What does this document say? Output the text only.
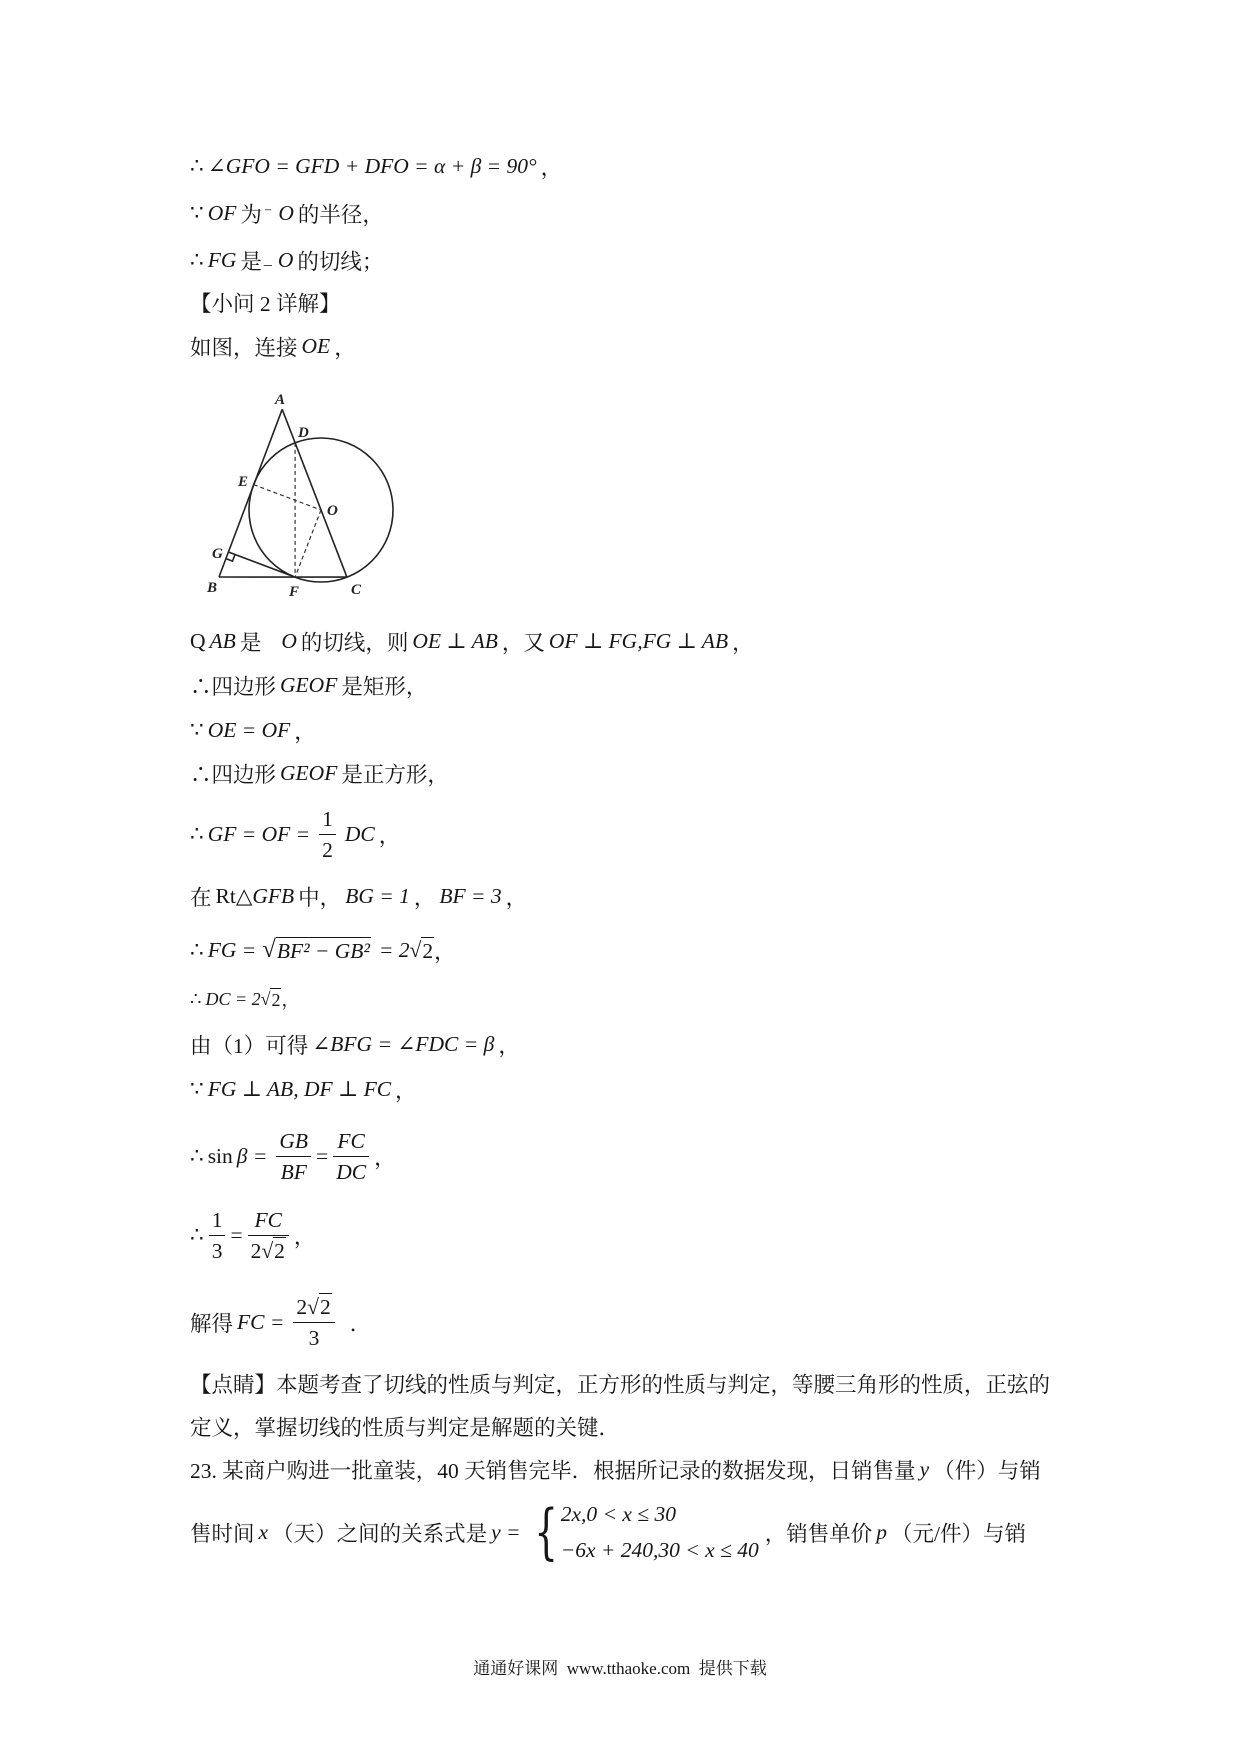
∴ ∠GFO = GFD + DFO = α + β = 90° ，
∵ OF 为 ⁻ O 的半径，
∴ FG 是 _ O 的切线；
【小问 2 详解】
如图，连接 OE ，
A
D
E
O
G
B	F	C
Q AB 是 O 的切线，则 OE ⊥ AB ，又 OF ⊥ FG,FG ⊥ AB ，
∴四边形 GEOF 是矩形，
∵ OE = OF ，
∴四边形 GEOF 是正方形，
∴ GF = OF = $\frac{1}{2}$ DC ，
在 Rt△ GFB 中， BG = 1 ， BF = 3 ，
∴ FG = √ BF² − GB² = 2√ 2 ，
∴ DC = 2√ 2 ，
由（1）可得 ∠BFG = ∠FDC = β ，
∵ FG ⊥ AB, DF ⊥ FC ，
∴ $\sin \beta = \frac{GB}{BF} = \frac{FC}{DC}$ ，
∴ $\frac{1}{3} = \frac{FC}{2√2}$ ，
解得 FC = $\frac{2√2}{3}$ ．
【点睛】本题考查了切线的性质与判定，正方形的性质与判定，等腰三角形的性质，正弦的
定义，掌握切线的性质与判定是解题的关键．
23. 某商户购进一批童装，40 天销售完毕．根据所记录的数据发现，日销售量 y （件）与销
售时间 x （天）之间的关系式是 y = { 2x,0 < x ≤ 30
−6x + 240,30 < x ≤ 40
，销售单价 p （元/件）与销
通通好课网  www.tthaoke.com  提供下载
